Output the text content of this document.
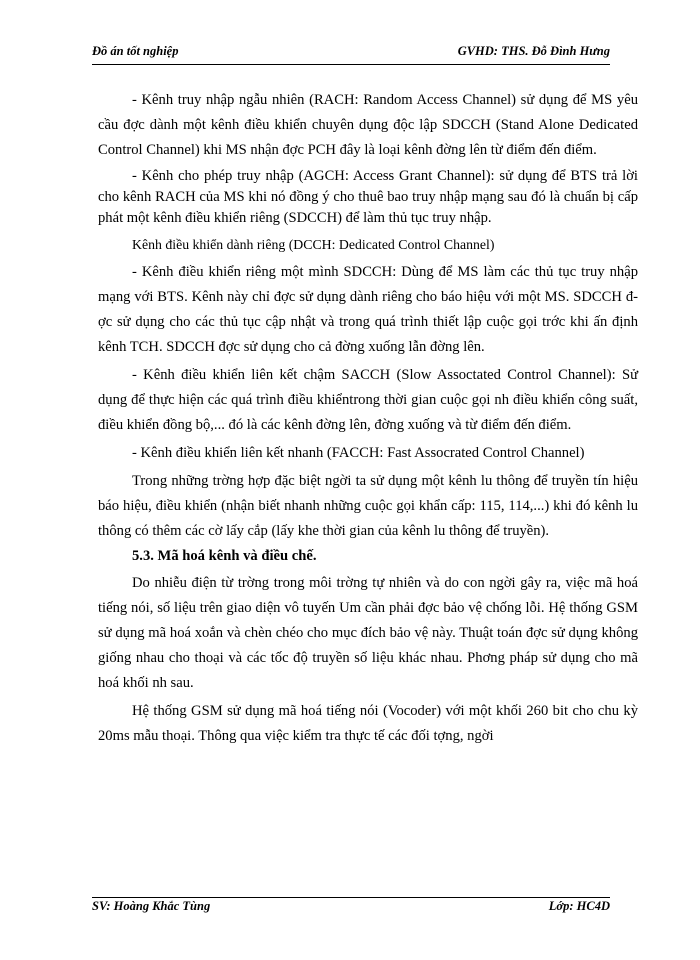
Đồ án tốt nghiệp	GVHD: THS. Đỗ Đình Hưng

- Kênh truy nhập ngẫu nhiên (RACH: Random Access Channel) sử dụng để MS yêu cầu đợc dành một kênh điều khiển chuyên dụng độc lập SDCCH (Stand Alone Dedicated Control Channel) khi MS nhận đợc PCH đây là loại kênh đờng lên từ điểm đến điểm.

- Kênh cho phép truy nhập (AGCH: Access Grant Channel): sử dụng để BTS trả lời cho kênh RACH của MS khi nó đồng ý cho thuê bao truy nhập mạng sau đó là chuẩn bị cấp phát một kênh điều khiển riêng (SDCCH) để làm thủ tục truy nhập.

Kênh điều khiển dành riêng (DCCH: Dedicated Control Channel)

- Kênh điều khiển riêng một mình SDCCH: Dùng để MS làm các thủ tục truy nhập mạng với BTS. Kênh này chỉ đợc sử dụng dành riêng cho báo hiệu với một MS. SDCCH đợc sử dụng cho các thủ tục cập nhật và trong quá trình thiết lập cuộc gọi trớc khi ấn định kênh TCH. SDCCH đợc sử dụng cho cả đờng xuống lẫn đờng lên.

- Kênh điều khiển liên kết chậm SACCH (Slow Assoctated Control Channel): Sử dụng để thực hiện các quá trình điều khiểntrong thời gian cuộc gọi nh điều khiển công suất, điều khiển đồng bộ,... đó là các kênh đờng lên, đờng xuống và từ điểm đến điểm.

- Kênh điều khiển liên kết nhanh (FACCH: Fast Assocrated Control Channel)

Trong những trờng hợp đặc biệt ngời ta sử dụng một kênh lu thông để truyền tín hiệu báo hiệu, điều khiển (nhận biết nhanh những cuộc gọi khẩn cấp: 115, 114,...) khi đó kênh lu thông có thêm các cờ lấy cắp (lấy khe thời gian của kênh lu thông để truyền).

5.3. Mã hoá kênh và điều chế.

Do nhiễu điện từ trờng trong môi trờng tự nhiên và do con ngời gây ra, việc mã hoá tiếng nói, số liệu trên giao diện vô tuyến Um cần phải đợc bảo vệ chống lỗi. Hệ thống GSM sử dụng mã hoá xoắn và chèn chéo cho mục đích bảo vệ này. Thuật toán đợc sử dụng không giống nhau cho thoại và các tốc độ truyền số liệu khác nhau. Phơng pháp sử dụng cho mã hoá khối nh sau.

Hệ thống GSM sử dụng mã hoá tiếng nói (Vocoder) với một khối 260 bit cho chu kỳ 20ms mẫu thoại. Thông qua việc kiểm tra thực tế các đối tợng, ngời

SV: Hoàng Khắc Tùng	Lớp: HC4D
